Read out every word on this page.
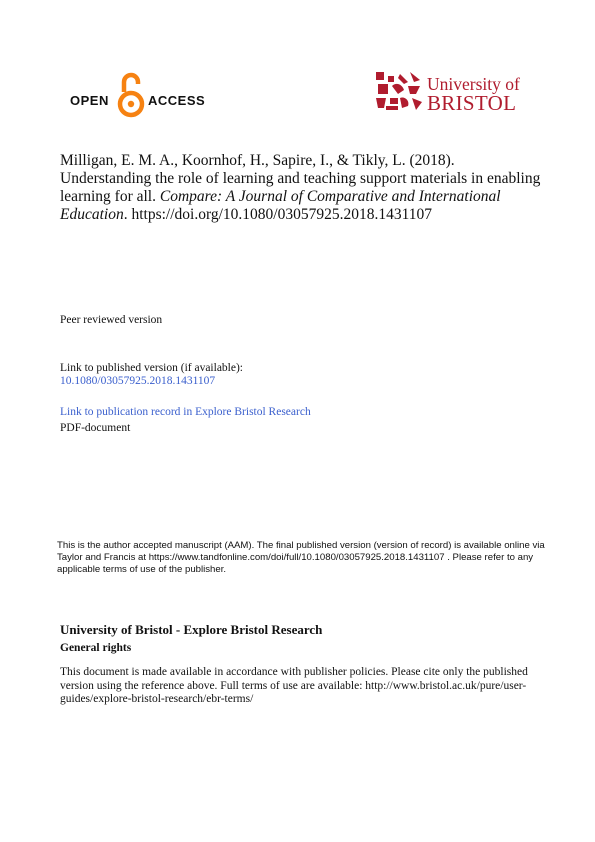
OPEN	ACCESS
University of
BRISTOL
Milligan, E. M. A., Koornhof, H., Sapire, I., & Tikly, L. (2018). Understanding the role of learning and teaching support materials in enabling learning for all. Compare: A Journal of Comparative and International Education. https://doi.org/10.1080/03057925.2018.1431107
Peer reviewed version
Link to published version (if available):
10.1080/03057925.2018.1431107
Link to publication record in Explore Bristol Research
PDF-document
This is the author accepted manuscript (AAM). The final published version (version of record) is available online via Taylor and Francis at https://www.tandfonline.com/doi/full/10.1080/03057925.2018.1431107 . Please refer to any applicable terms of use of the publisher.
University of Bristol - Explore Bristol Research
General rights
This document is made available in accordance with publisher policies. Please cite only the published version using the reference above. Full terms of use are available: http://www.bristol.ac.uk/pure/user-guides/explore-bristol-research/ebr-terms/
